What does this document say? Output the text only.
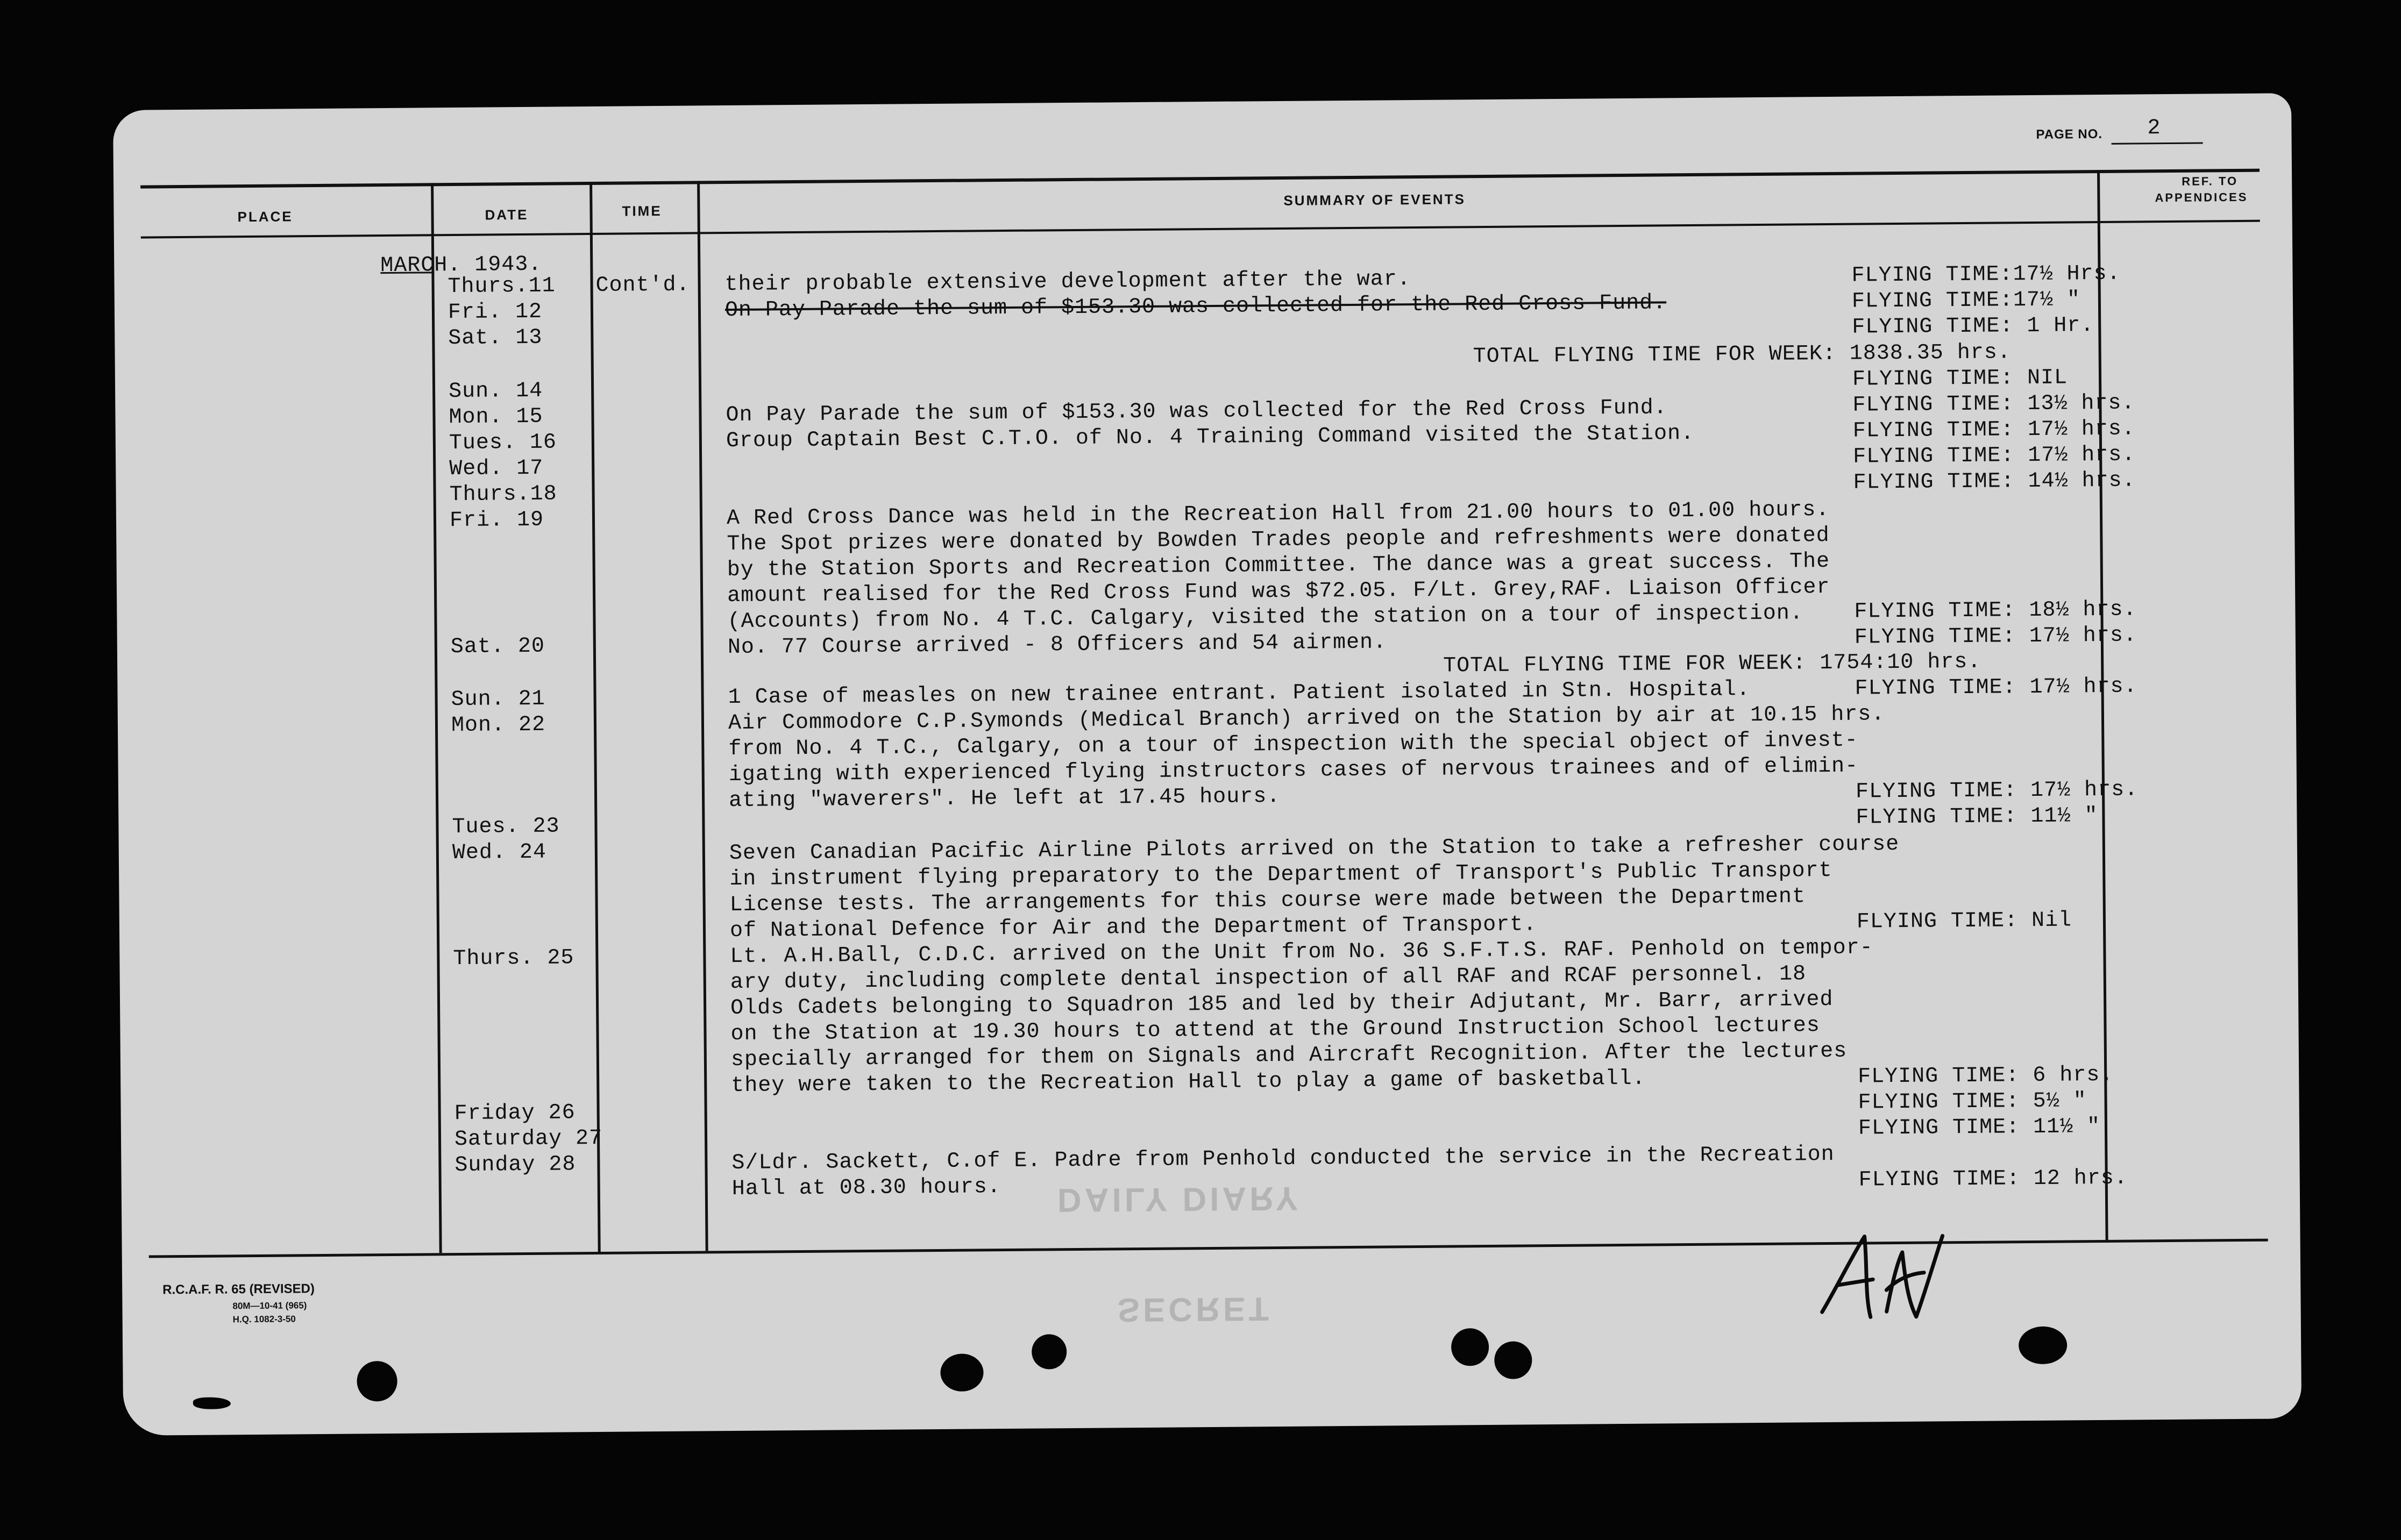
PAGE NO. 2
PLACE	DATE	TIME
SUMMARY OF EVENTS
REF. TO
APPENDICES
MARCH. 1943.
Thurs.11
Fri. 12
Sat. 13
Sun. 14
Mon. 15
Tues. 16
Wed. 17
Thurs.18
Fri. 19
Sat. 20
Sun. 21
Mon. 22
Tues. 23
Wed. 24
Thurs. 25
Friday 26
Saturday 27
Sunday 28
Cont'd. their probable extensive development after the war.
On Pay Parade the sum of $153.30 was collected for the Red Cross Fund.
TOTAL FLYING TIME FOR WEEK: 1838.35 hrs.
On Pay Parade the sum of $153.30 was collected for the Red Cross Fund.
Group Captain Best C.T.O. of No. 4 Training Command visited the Station.
A Red Cross Dance was held in the Recreation Hall from 21.00 hours to 01.00 hours.
The Spot prizes were donated by Bowden Trades people and refreshments were donated
by the Station Sports and Recreation Committee. The dance was a great success. The
amount realised for the Red Cross Fund was $72.05. F/Lt. Grey,RAF. Liaison Officer
(Accounts) from No. 4 T.C. Calgary, visited the station on a tour of inspection.
No. 77 Course arrived - 8 Officers and 54 airmen.
TOTAL FLYING TIME FOR WEEK: 1754:10 hrs.
1 Case of measles on new trainee entrant. Patient isolated in Stn. Hospital.
Air Commodore C.P.Symonds (Medical Branch) arrived on the Station by air at 10.15 hrs.
from No. 4 T.C., Calgary, on a tour of inspection with the special object of invest-
igating with experienced flying instructors cases of nervous trainees and of elimin-
ating "waverers". He left at 17.45 hours.
Seven Canadian Pacific Airline Pilots arrived on the Station to take a refresher course
in instrument flying preparatory to the Department of Transport's Public Transport
License tests. The arrangements for this course were made between the Department
of National Defence for Air and the Department of Transport.
Lt. A.H.Ball, C.D.C. arrived on the Unit from No. 36 S.F.T.S. RAF. Penhold on tempor-
ary duty, including complete dental inspection of all RAF and RCAF personnel. 18
Olds Cadets belonging to Squadron 185 and led by their Adjutant, Mr. Barr, arrived
on the Station at 19.30 hours to attend at the Ground Instruction School lectures
specially arranged for them on Signals and Aircraft Recognition. After the lectures
they were taken to the Recreation Hall to play a game of basketball.
S/Ldr. Sackett, C.of E. Padre from Penhold conducted the service in the Recreation
Hall at 08.30 hours.
FLYING TIME:17½ Hrs.
FLYING TIME:17½ "
FLYING TIME: 1 Hr.
FLYING TIME: NIL
FLYING TIME: 13½ hrs.
FLYING TIME: 17½ hrs.
FLYING TIME: 17½ hrs.
FLYING TIME: 14½ hrs.
FLYING TIME: 18½ hrs.
FLYING TIME: 17½ hrs.
FLYING TIME: 17½ hrs.
FLYING TIME: 17½ hrs.
FLYING TIME: 11½ "
FLYING TIME: Nil
FLYING TIME: 6 hrs.
FLYING TIME: 5½ "
FLYING TIME: 11½ "
FLYING TIME: 12 hrs.
R.C.A.F. R. 65 (REVISED)
80M—10-41 (965)
H.Q. 1082-3-50
DAILY DIARY
SECRET
